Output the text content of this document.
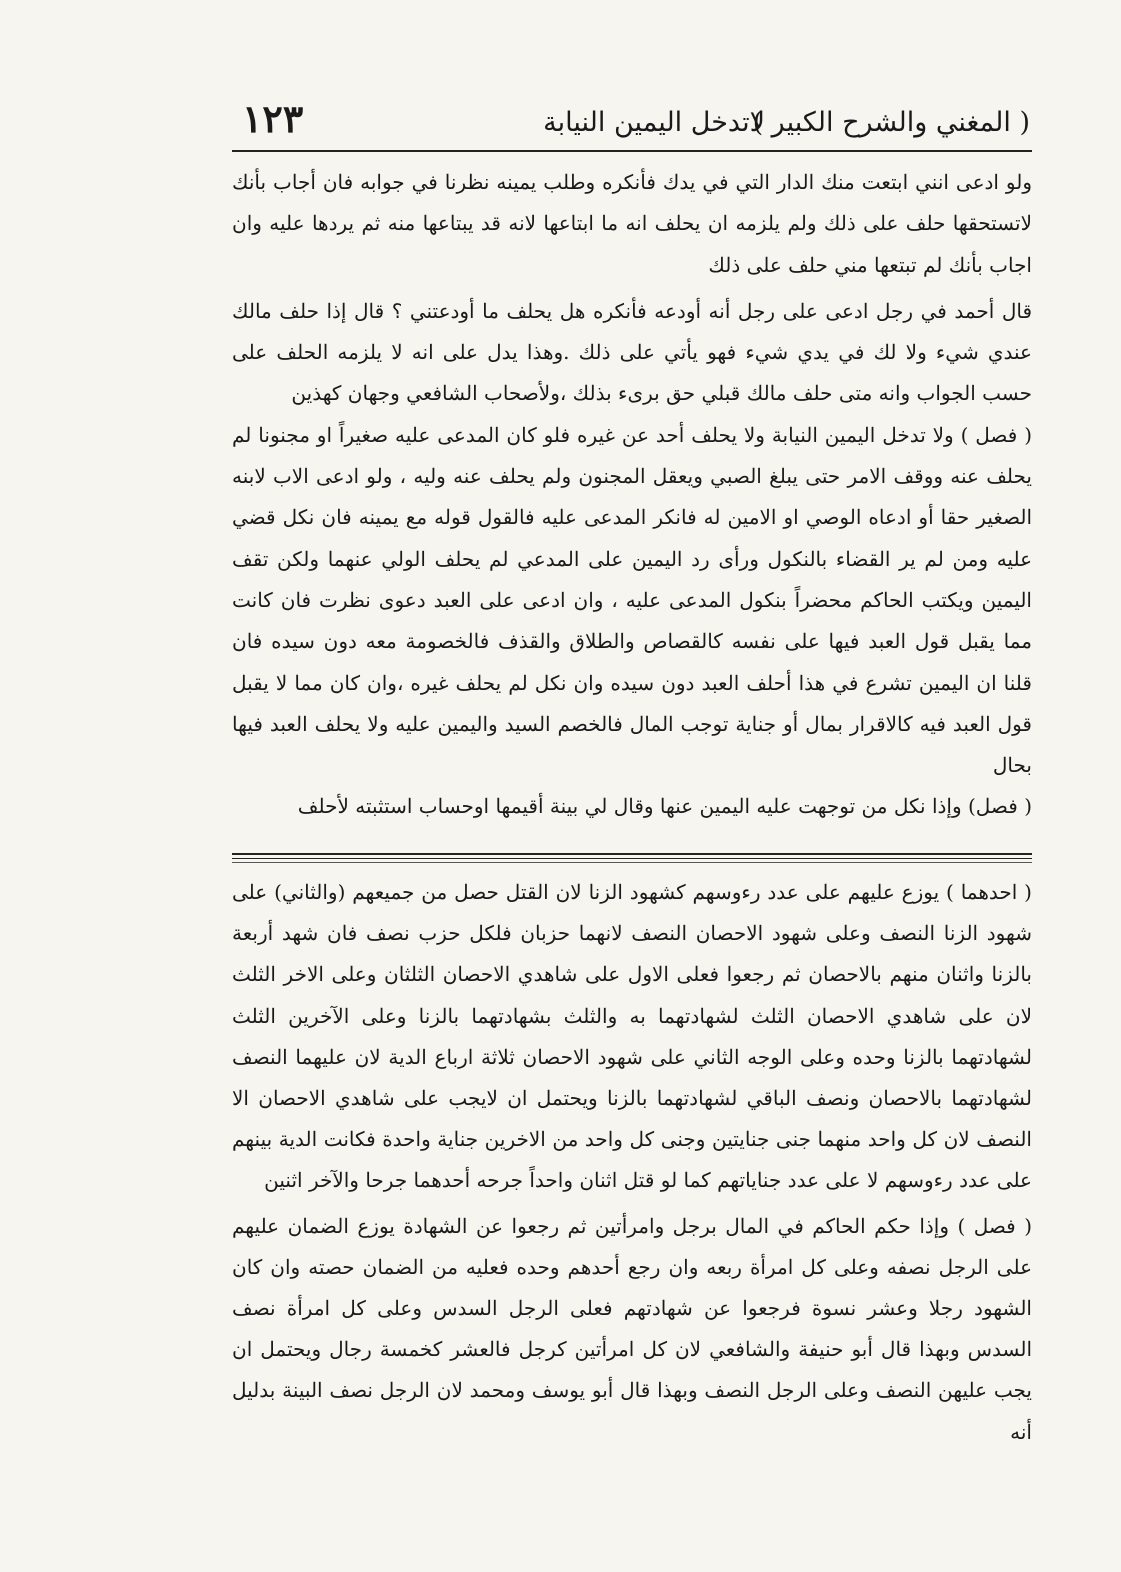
( المغني والشرح الكبير )
لاتدخل اليمين النيابة
١٢٣

ولو ادعى انني ابتعت منك الدار التي في يدك فأنكره وطلب يمينه نظرنا في جوابه فان أجاب بأنك لاتستحقها حلف على ذلك ولم يلزمه ان يحلف انه ما ابتاعها لانه قد يبتاعها منه ثم يردها عليه وان اجاب بأنك لم تبتعها مني حلف على ذلك

قال أحمد في رجل ادعى على رجل أنه أودعه فأنكره هل يحلف ما أودعتني ؟ قال إذا حلف مالك عندي شيء ولا لك في يدي شيء فهو يأتي على ذلك .وهذا يدل على انه لا يلزمه الحلف على حسب الجواب وانه متى حلف مالك قبلي حق برىء بذلك ،ولأصحاب الشافعي وجهان كهذين

( فصل ) ولا تدخل اليمين النيابة ولا يحلف أحد عن غيره فلو كان المدعى عليه صغيراً او مجنونا لم يحلف عنه ووقف الامر حتى يبلغ الصبي ويعقل المجنون ولم يحلف عنه وليه ، ولو ادعى الاب لابنه الصغير حقا أو ادعاه الوصي او الامين له فانكر المدعى عليه فالقول قوله مع يمينه فان نكل قضي عليه ومن لم ير القضاء بالنكول ورأى رد اليمين على المدعي لم يحلف الولي عنهما ولكن تقف اليمين ويكتب الحاكم محضراً بنكول المدعى عليه ، وان ادعى على العبد دعوى نظرت فان كانت مما يقبل قول العبد فيها على نفسه كالقصاص والطلاق والقذف فالخصومة معه دون سيده فان قلنا ان اليمين تشرع في هذا أحلف العبد دون سيده وان نكل لم يحلف غيره ،وان كان مما لا يقبل قول العبد فيه كالاقرار بمال أو جناية توجب المال فالخصم السيد واليمين عليه ولا يحلف العبد فيها بحال

( فصل) وإذا نكل من توجهت عليه اليمين عنها وقال لي بينة أقيمها اوحساب استثبته لأحلف

( احدهما ) يوزع عليهم على عدد رءوسهم كشهود الزنا لان القتل حصل من جميعهم (والثاني) على شهود الزنا النصف وعلى شهود الاحصان النصف لانهما حزبان فلكل حزب نصف فان شهد أربعة بالزنا واثنان منهم بالاحصان ثم رجعوا فعلى الاول على شاهدي الاحصان الثلثان وعلى الاخر الثلث لان على شاهدي الاحصان الثلث لشهادتهما به والثلث بشهادتهما بالزنا وعلى الآخرين الثلث لشهادتهما بالزنا وحده وعلى الوجه الثاني على شهود الاحصان ثلاثة ارباع الدية لان عليهما النصف لشهادتهما بالاحصان ونصف الباقي لشهادتهما بالزنا ويحتمل ان لايجب على شاهدي الاحصان الا النصف لان كل واحد منهما جنى جنايتين وجنى كل واحد من الاخرين جناية واحدة فكانت الدية بينهم على عدد رءوسهم لا على عدد جناياتهم كما لو قتل اثنان واحداً جرحه أحدهما جرحا والآخر اثنين

( فصل ) وإذا حكم الحاكم في المال برجل وامرأتين ثم رجعوا عن الشهادة يوزع الضمان عليهم على الرجل نصفه وعلى كل امرأة ربعه وان رجع أحدهم وحده فعليه من الضمان حصته وان كان الشهود رجلا وعشر نسوة فرجعوا عن شهادتهم فعلى الرجل السدس وعلى كل امرأة نصف السدس وبهذا قال أبو حنيفة والشافعي لان كل امرأتين كرجل فالعشر كخمسة رجال ويحتمل ان يجب عليهن النصف وعلى الرجل النصف وبهذا قال أبو يوسف ومحمد لان الرجل نصف البينة بدليل أنه
